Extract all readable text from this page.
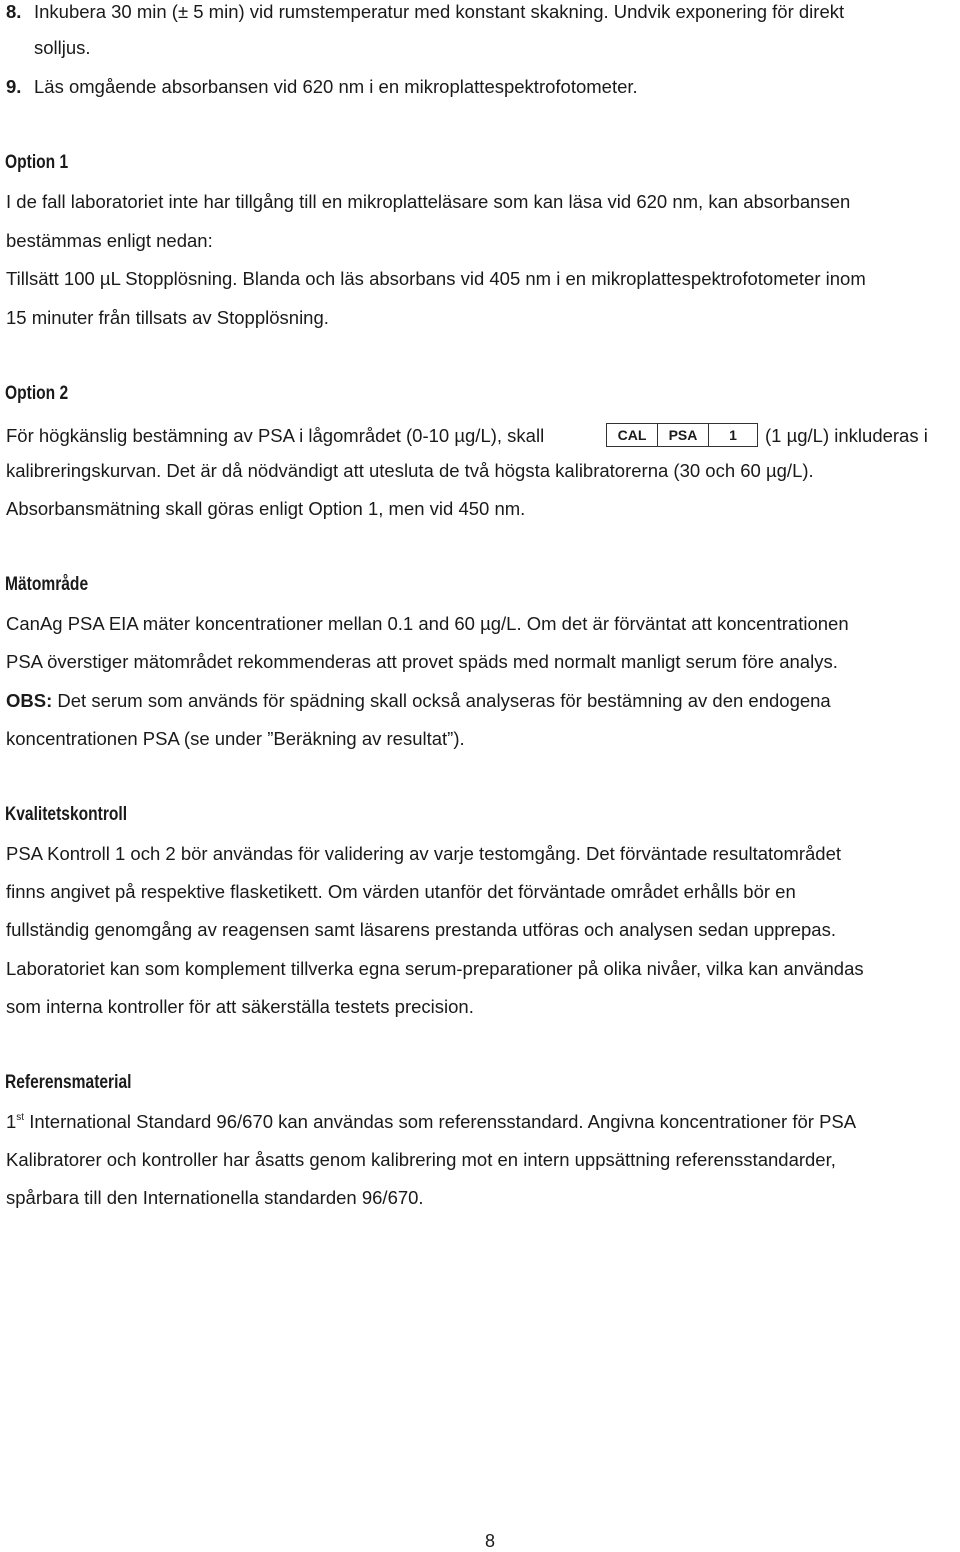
8. Inkubera 30 min (± 5 min) vid rumstemperatur med konstant skakning. Undvik exponering för direkt
solljus.
9. Läs omgående absorbansen vid 620 nm i en mikroplattespektrofotometer.
Option 1
I de fall laboratoriet inte har tillgång till en mikroplatteläsare som kan läsa vid 620 nm, kan absorbansen
bestämmas enligt nedan:
Tillsätt 100 µL Stopplösning. Blanda och läs absorbans vid 405 nm i en mikroplattespektrofotometer inom
15 minuter från tillsats av Stopplösning.
Option 2
För högkänslig bestämning av PSA i lågområdet (0-10 µg/L), skall	CAL	PSA	1	(1 µg/L) inkluderas i
kalibreringskurvan. Det är då nödvändigt att utesluta de två högsta kalibratorerna (30 och 60 µg/L).
Absorbansmätning skall göras enligt Option 1, men vid 450 nm.
Mätområde
CanAg PSA EIA mäter koncentrationer mellan 0.1 and 60 µg/L. Om det är förväntat att koncentrationen
PSA överstiger mätområdet rekommenderas att provet späds med normalt manligt serum före analys.
OBS: Det serum som används för spädning skall också analyseras för bestämning av den endogena
koncentrationen PSA (se under ”Beräkning av resultat”).
Kvalitetskontroll
PSA Kontroll 1 och 2 bör användas för validering av varje testomgång. Det förväntade resultatområdet
finns angivet på respektive flasketikett. Om värden utanför det förväntade området erhålls bör en
fullständig genomgång av reagensen samt läsarens prestanda utföras och analysen sedan upprepas.
Laboratoriet kan som komplement tillverka egna serum-preparationer på olika nivåer, vilka kan användas
som interna kontroller för att säkerställa testets precision.
Referensmaterial
1st International Standard 96/670 kan användas som referensstandard. Angivna koncentrationer för PSA
Kalibratorer och kontroller har åsatts genom kalibrering mot en intern uppsättning referensstandarder,
spårbara till den Internationella standarden 96/670.
8
